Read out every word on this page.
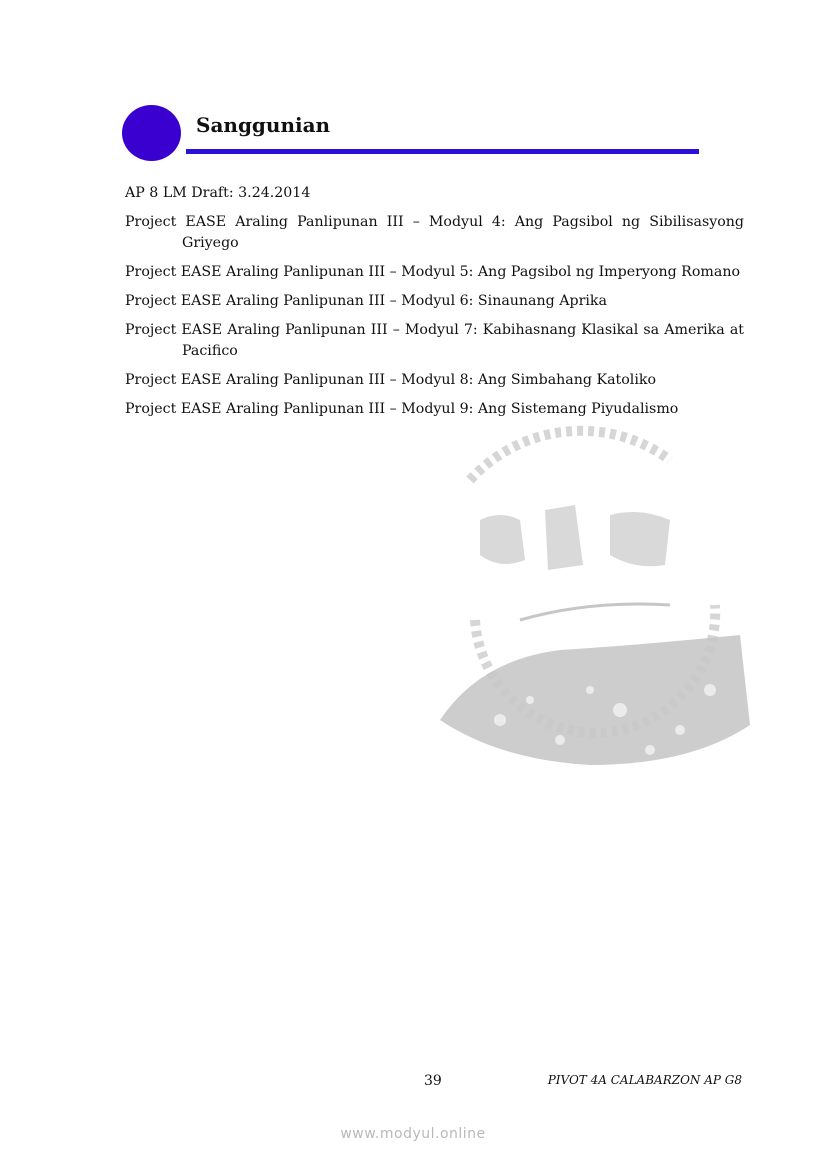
Sanggunian

AP 8 LM Draft: 3.24.2014

Project EASE Araling Panlipunan III – Modyul 4: Ang Pagsibol ng Sibilisasyong Griyego

Project EASE Araling Panlipunan III – Modyul 5: Ang Pagsibol ng Imperyong Romano

Project EASE Araling Panlipunan III – Modyul 6: Sinaunang Aprika

Project EASE Araling Panlipunan III – Modyul 7: Kabihasnang Klasikal sa Amerika at Pacifico

Project EASE Araling Panlipunan III – Modyul 8: Ang Simbahang Katoliko

Project EASE Araling Panlipunan III – Modyul 9: Ang Sistemang Piyudalismo

39	PIVOT 4A CALABARZON AP G8
www.modyul.online
